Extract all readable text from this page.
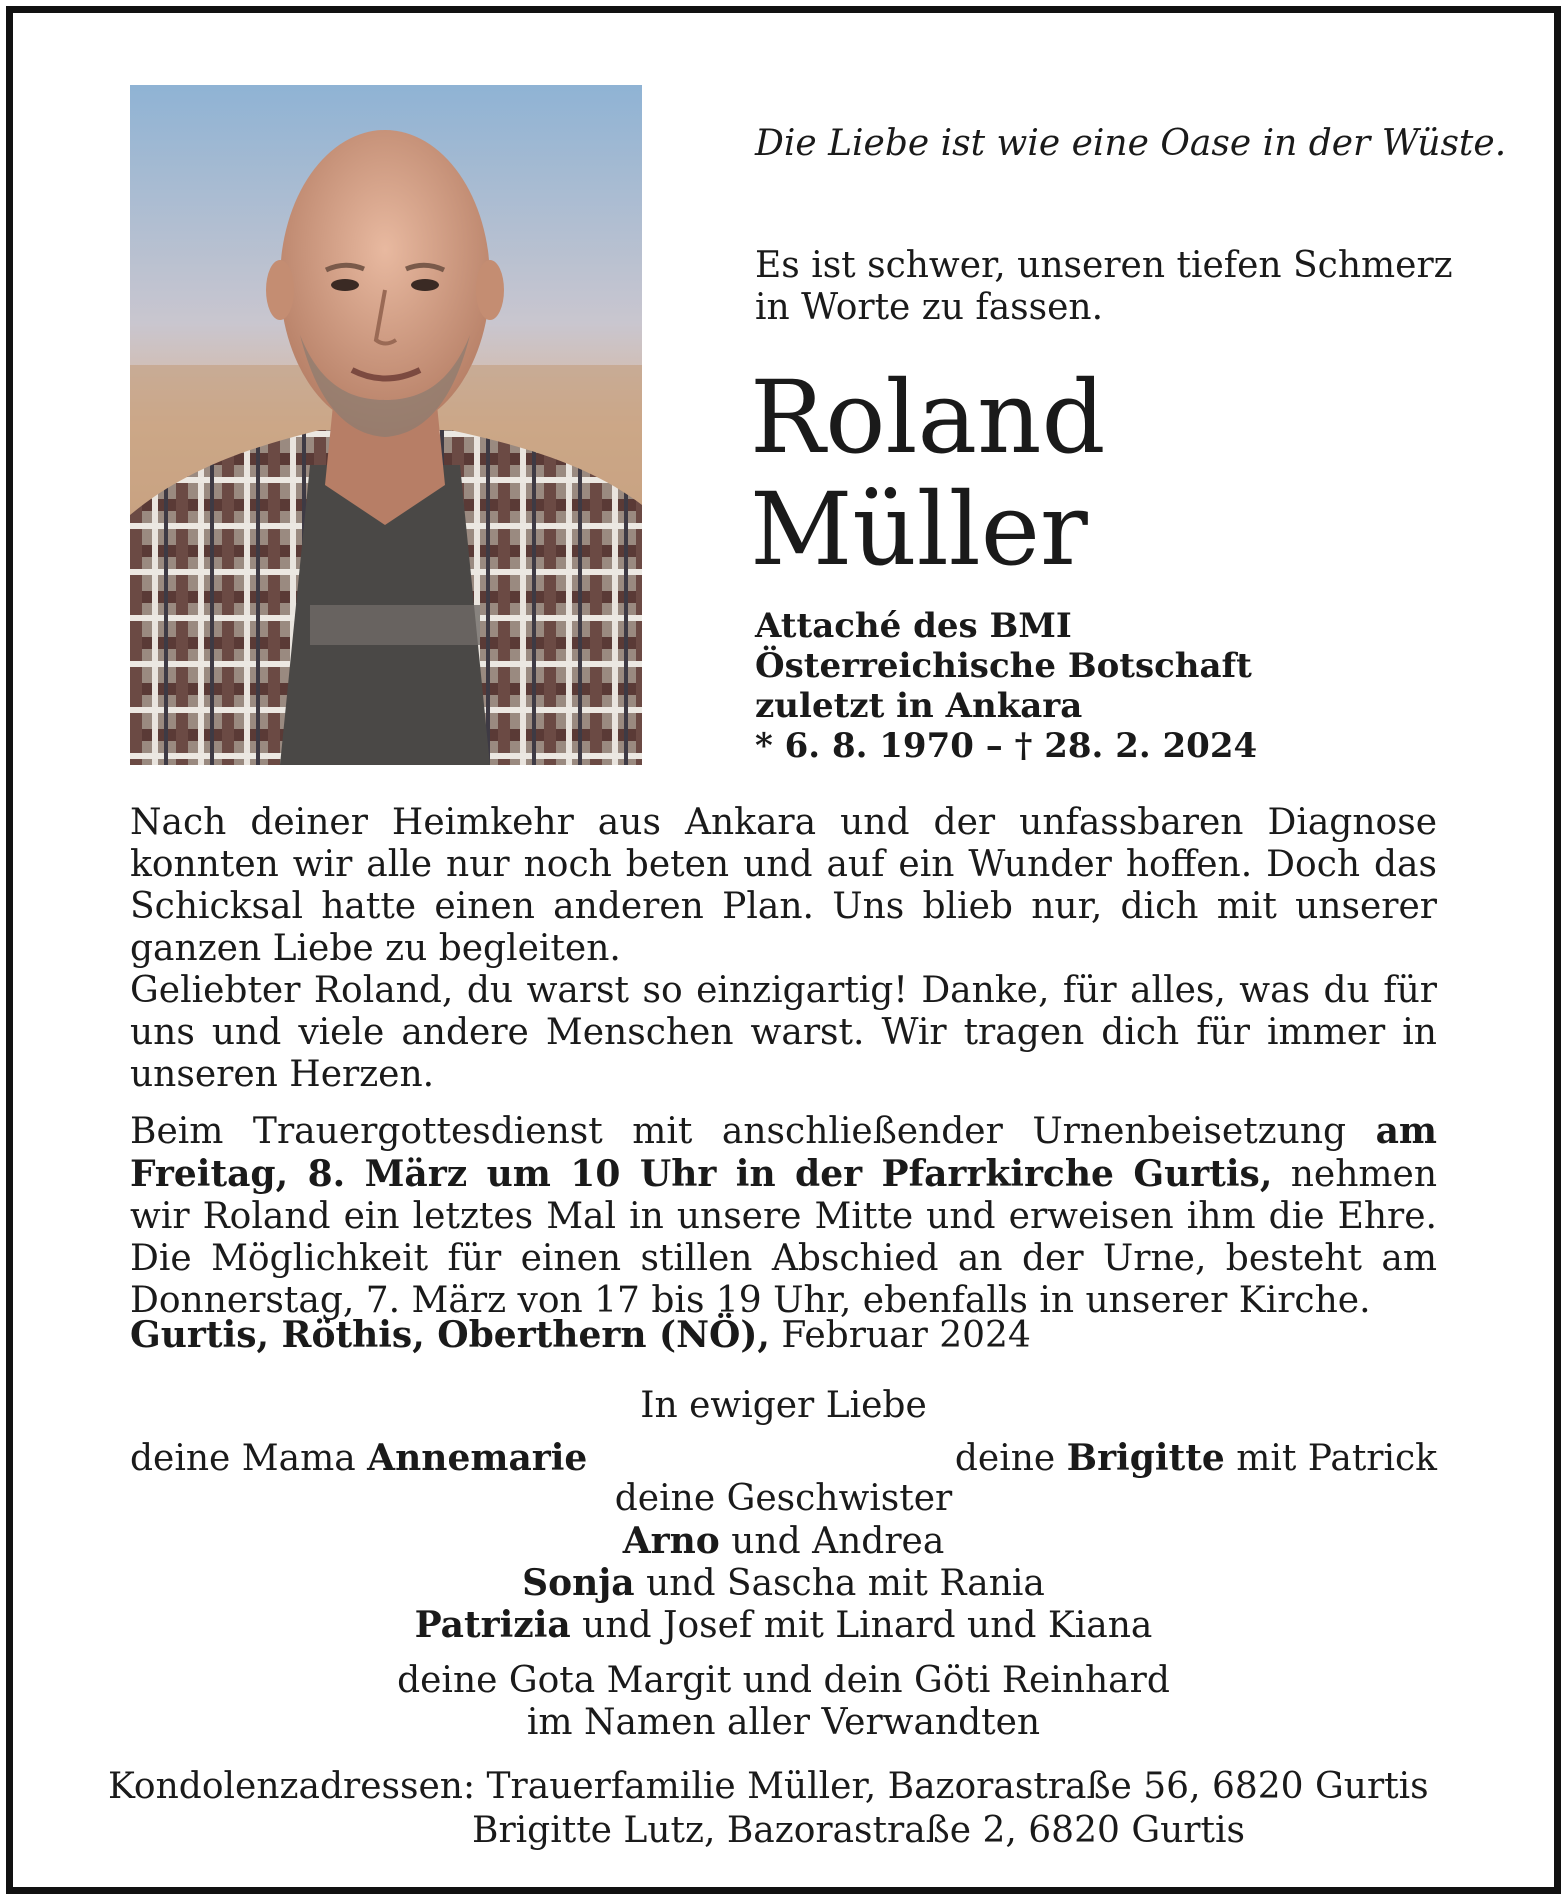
Die Liebe ist wie eine Oase in der Wüste.
Es ist schwer, unseren tiefen Schmerz in Worte zu fassen.
Roland
Müller
Attaché des BMI
Österreichische Botschaft
zuletzt in Ankara
* 6. 8. 1970 – † 28. 2. 2024

Nach deiner Heimkehr aus Ankara und der unfassbaren Diagnose konnten wir alle nur noch beten und auf ein Wunder hoffen. Doch das Schicksal hatte einen anderen Plan. Uns blieb nur, dich mit unserer ganzen Liebe zu begleiten.

Geliebter Roland, du warst so einzigartig! Danke, für alles, was du für uns und viele andere Menschen warst. Wir tragen dich für immer in unseren Herzen.

Beim Trauergottesdienst mit anschließender Urnenbeisetzung am Freitag, 8. März um 10 Uhr in der Pfarrkirche Gurtis, nehmen wir Roland ein letztes Mal in unsere Mitte und erweisen ihm die Ehre. Die Möglichkeit für einen stillen Abschied an der Urne, besteht am Donnerstag, 7. März von 17 bis 19 Uhr, ebenfalls in unserer Kirche.

Gurtis, Röthis, Oberthern (NÖ), Februar 2024
In ewiger Liebe
deine Mama Annemarie	deine Brigitte mit Patrick
deine Geschwister
Arno und Andrea
Sonja und Sascha mit Rania
Patrizia und Josef mit Linard und Kiana
deine Gota Margit und dein Göti Reinhard
im Namen aller Verwandten
Kondolenzadressen: Trauerfamilie Müller, Bazorastraße 56, 6820 Gurtis
Brigitte Lutz, Bazorastraße 2, 6820 Gurtis
